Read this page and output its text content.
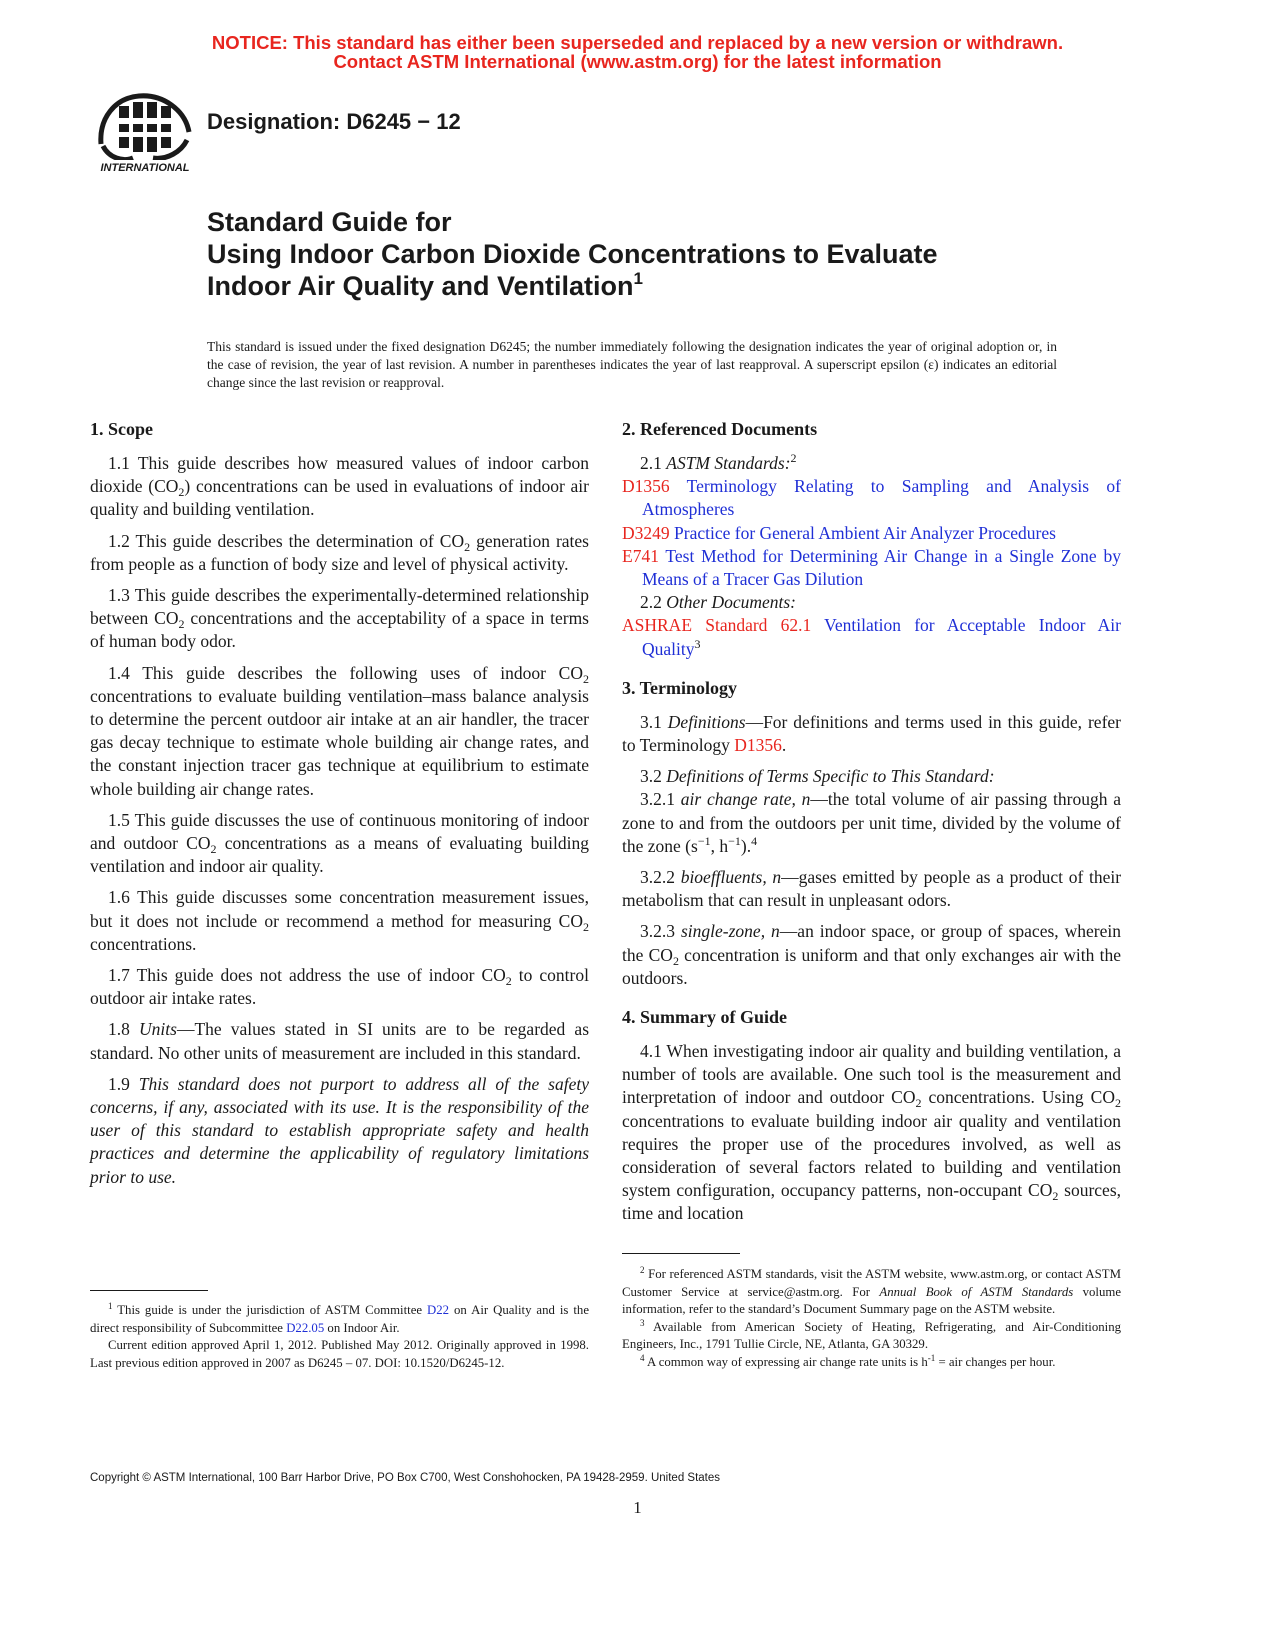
NOTICE: This standard has either been superseded and replaced by a new version or withdrawn.
Contact ASTM International (www.astm.org) for the latest information
INTERNATIONAL
Designation: D6245 − 12
Standard Guide for
Using Indoor Carbon Dioxide Concentrations to Evaluate
Indoor Air Quality and Ventilation$^1$
This standard is issued under the fixed designation D6245; the number immediately following the designation indicates the year of original adoption or, in the case of revision, the year of last revision. A number in parentheses indicates the year of last reapproval. A superscript epsilon (ε) indicates an editorial change since the last revision or reapproval.
1. Scope

1.1 This guide describes how measured values of indoor carbon dioxide $(CO_2)$ concentrations can be used in evaluations of indoor air quality and building ventilation.

1.2 This guide describes the determination of $CO_2$ generation rates from people as a function of body size and level of physical activity.

1.3 This guide describes the experimentally-determined relationship between $CO_2$ concentrations and the acceptability of a space in terms of human body odor.

1.4 This guide describes the following uses of indoor $CO_2$ concentrations to evaluate building ventilation–mass balance analysis to determine the percent outdoor air intake at an air handler, the tracer gas decay technique to estimate whole building air change rates, and the constant injection tracer gas technique at equilibrium to estimate whole building air change rates.

1.5 This guide discusses the use of continuous monitoring of indoor and outdoor $CO_2$ concentrations as a means of evaluating building ventilation and indoor air quality.

1.6 This guide discusses some concentration measurement issues, but it does not include or recommend a method for measuring $CO_2$ concentrations.

1.7 This guide does not address the use of indoor $CO_2$ to control outdoor air intake rates.

1.8 Units—The values stated in SI units are to be regarded as standard. No other units of measurement are included in this standard.

1.9 This standard does not purport to address all of the safety concerns, if any, associated with its use. It is the responsibility of the user of this standard to establish appropriate safety and health practices and determine the applicability of regulatory limitations prior to use.

2. Referenced Documents
2.1 ASTM Standards:$^2$
D1356 Terminology Relating to Sampling and Analysis of Atmospheres
D3249 Practice for General Ambient Air Analyzer Procedures
E741 Test Method for Determining Air Change in a Single Zone by Means of a Tracer Gas Dilution
2.2 Other Documents:
ASHRAE Standard 62.1 Ventilation for Acceptable Indoor Air Quality$^3$
3. Terminology

3.1 Definitions—For definitions and terms used in this guide, refer to Terminology D1356.

3.2 Definitions of Terms Specific to This Standard:

3.2.1 air change rate, n—the total volume of air passing through a zone to and from the outdoors per unit time, divided by the volume of the zone ($s^{-1}$, $h^{-1}).^4$

3.2.2 bioeffluents, n—gases emitted by people as a product of their metabolism that can result in unpleasant odors.

3.2.3 single-zone, n—an indoor space, or group of spaces, wherein the $CO_2$ concentration is uniform and that only exchanges air with the outdoors.

4. Summary of Guide

4.1 When investigating indoor air quality and building ventilation, a number of tools are available. One such tool is the measurement and interpretation of indoor and outdoor $CO_2$ concentrations. Using $CO_2$ concentrations to evaluate building indoor air quality and ventilation requires the proper use of the procedures involved, as well as consideration of several factors related to building and ventilation system configuration, occupancy patterns, non-occupant $CO_2$ sources, time and location

$^1$ This guide is under the jurisdiction of ASTM Committee D22 on Air Quality and is the direct responsibility of Subcommittee D22.05 on Indoor Air.

Current edition approved April 1, 2012. Published May 2012. Originally approved in 1998. Last previous edition approved in 2007 as D6245 – 07. DOI: 10.1520/D6245-12.

$^2$ For referenced ASTM standards, visit the ASTM website, www.astm.org, or contact ASTM Customer Service at service@astm.org. For Annual Book of ASTM Standards volume information, refer to the standard’s Document Summary page on the ASTM website.

$^3$ Available from American Society of Heating, Refrigerating, and Air-Conditioning Engineers, Inc., 1791 Tullie Circle, NE, Atlanta, GA 30329.

$^4$ A common way of expressing air change rate units is $h^{-1}$ = air changes per hour.

Copyright © ASTM International, 100 Barr Harbor Drive, PO Box C700, West Conshohocken, PA 19428-2959. United States
1
